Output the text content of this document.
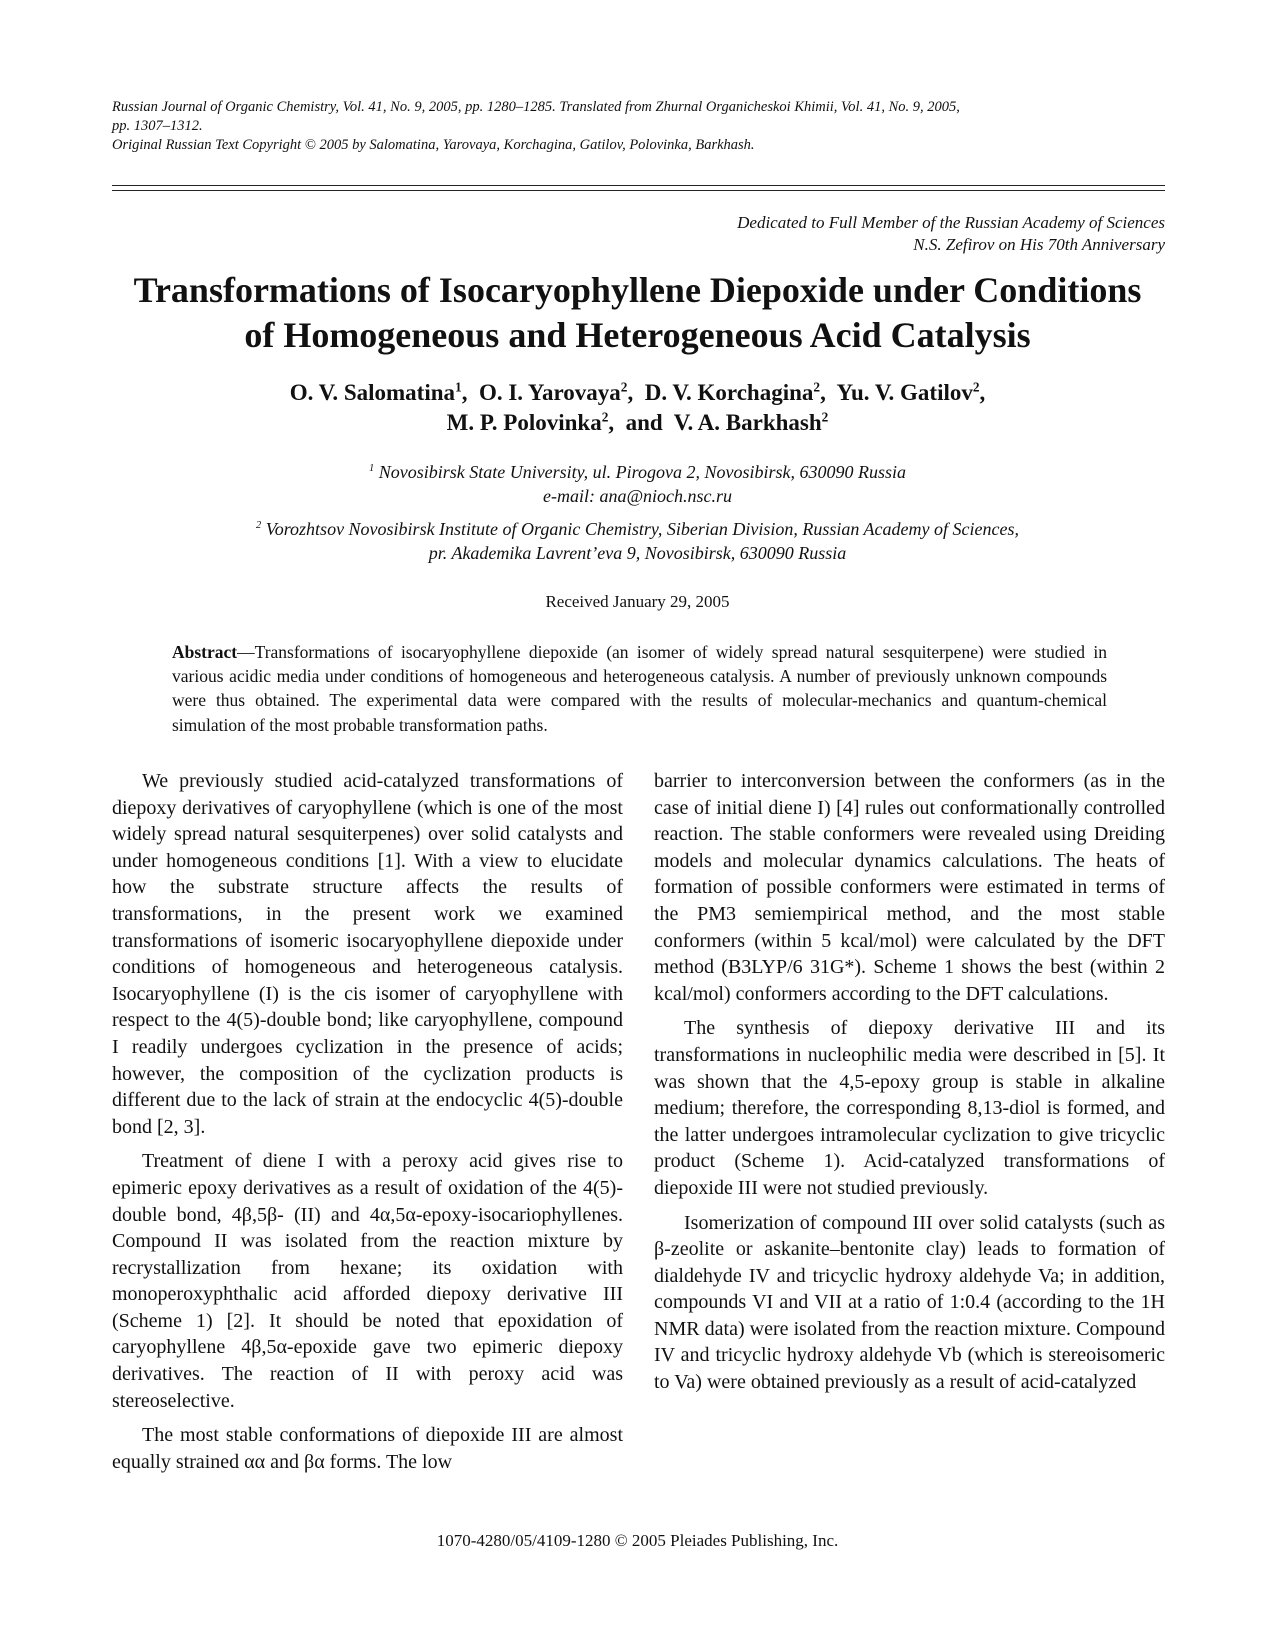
Russian Journal of Organic Chemistry, Vol. 41, No. 9, 2005, pp. 1280–1285. Translated from Zhurnal Organicheskoi Khimii, Vol. 41, No. 9, 2005,
pp. 1307–1312.
Original Russian Text Copyright © 2005 by Salomatina, Yarovaya, Korchagina, Gatilov, Polovinka, Barkhash.
Dedicated to Full Member of the Russian Academy of Sciences
N.S. Zefirov on His 70th Anniversary
Transformations of Isocaryophyllene Diepoxide under Conditions
of Homogeneous and Heterogeneous Acid Catalysis
O. V. Salomatina$^1$,  O. I. Yarovaya$^2$,  D. V. Korchagina$^2$,  Yu. V. Gatilov$^2$,
M. P. Polovinka$^2$,  and  V. A. Barkhash$^2$
$^1$ Novosibirsk State University, ul. Pirogova 2, Novosibirsk, 630090 Russia
e-mail: ana@nioch.nsc.ru
$^2$ Vorozhtsov Novosibirsk Institute of Organic Chemistry, Siberian Division, Russian Academy of Sciences,
pr. Akademika Lavrent’eva 9, Novosibirsk, 630090 Russia
Received January 29, 2005
Abstract—Transformations of isocaryophyllene diepoxide (an isomer of widely spread natural sesquiterpene) were studied in various acidic media under conditions of homogeneous and heterogeneous catalysis. A number of previously unknown compounds were thus obtained. The experimental data were compared with the results of molecular-mechanics and quantum-chemical simulation of the most probable transformation paths.

We previously studied acid-catalyzed transformations of diepoxy derivatives of caryophyllene (which is one of the most widely spread natural sesquiterpenes) over solid catalysts and under homogeneous conditions [1]. With a view to elucidate how the substrate structure affects the results of transformations, in the present work we examined transformations of isomeric isocaryophyllene diepoxide under conditions of homogeneous and heterogeneous catalysis. Isocaryophyllene (I) is the cis isomer of caryophyllene with respect to the 4(5)-double bond; like caryophyllene, compound I readily undergoes cyclization in the presence of acids; however, the composition of the cyclization products is different due to the lack of strain at the endocyclic 4(5)-double bond [2, 3].

Treatment of diene I with a peroxy acid gives rise to epimeric epoxy derivatives as a result of oxidation of the 4(5)-double bond, 4β,5β- (II) and 4α,5α-epoxy-isocariophyllenes. Compound II was isolated from the reaction mixture by recrystallization from hexane; its oxidation with monoperoxyphthalic acid afforded diepoxy derivative III (Scheme 1) [2]. It should be noted that epoxidation of caryophyllene 4β,5α-epoxide gave two epimeric diepoxy derivatives. The reaction of II with peroxy acid was stereoselective.

The most stable conformations of diepoxide III are almost equally strained αα and βα forms. The low

barrier to interconversion between the conformers (as in the case of initial diene I) [4] rules out conformationally controlled reaction. The stable conformers were revealed using Dreiding models and molecular dynamics calculations. The heats of formation of possible conformers were estimated in terms of the PM3 semiempirical method, and the most stable conformers (within 5 kcal/mol) were calculated by the DFT method (B3LYP/6 31G*). Scheme 1 shows the best (within 2 kcal/mol) conformers according to the DFT calculations.

The synthesis of diepoxy derivative III and its transformations in nucleophilic media were described in [5]. It was shown that the 4,5-epoxy group is stable in alkaline medium; therefore, the corresponding 8,13-diol is formed, and the latter undergoes intramolecular cyclization to give tricyclic product (Scheme 1). Acid-catalyzed transformations of diepoxide III were not studied previously.

Isomerization of compound III over solid catalysts (such as β-zeolite or askanite–bentonite clay) leads to formation of dialdehyde IV and tricyclic hydroxy aldehyde Va; in addition, compounds VI and VII at a ratio of 1:0.4 (according to the 1H NMR data) were isolated from the reaction mixture. Compound IV and tricyclic hydroxy aldehyde Vb (which is stereoisomeric to Va) were obtained previously as a result of acid-catalyzed

1070-4280/05/4109-1280 © 2005 Pleiades Publishing, Inc.
